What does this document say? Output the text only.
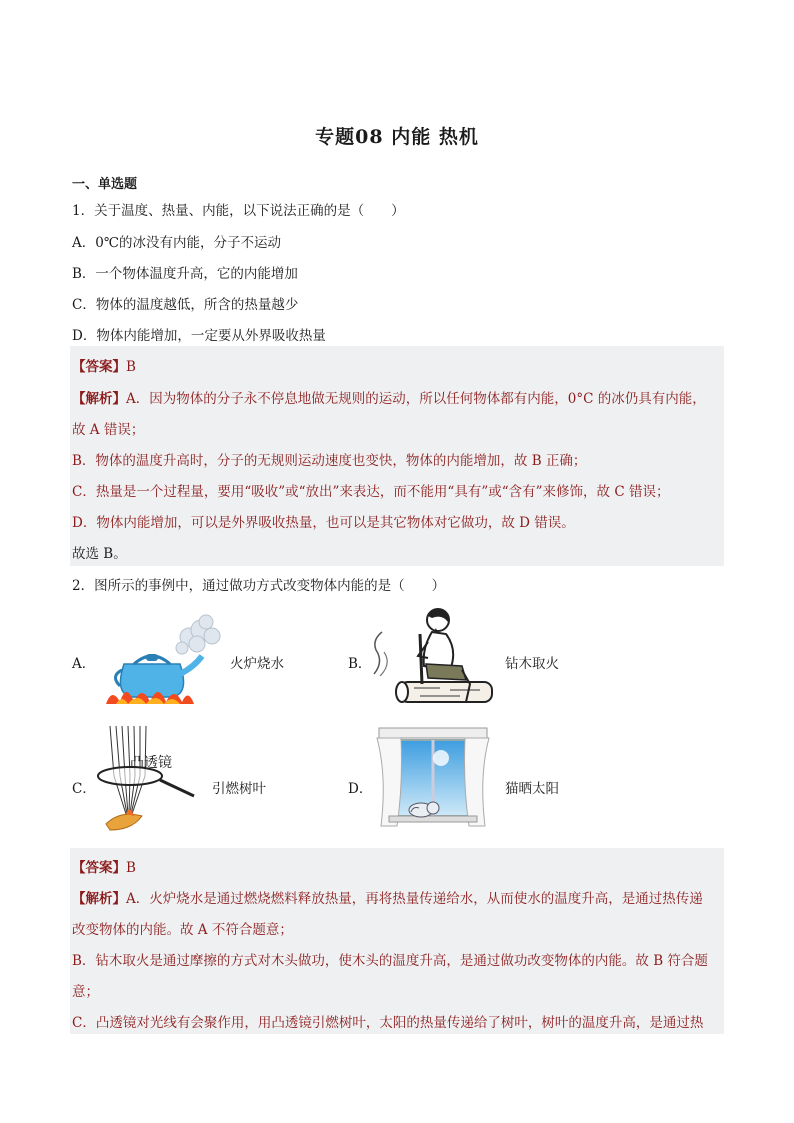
专题08 内能 热机
一、单选题
1．关于温度、热量、内能，以下说法正确的是（　　）
A．0℃的冰没有内能，分子不运动
B．一个物体温度升高，它的内能增加
C．物体的温度越低，所含的热量越少
D．物体内能增加，一定要从外界吸收热量
【答案】B
【解析】A．因为物体的分子永不停息地做无规则的运动，所以任何物体都有内能，0°C 的冰仍具有内能，
故 A 错误；
B．物体的温度升高时，分子的无规则运动速度也变快，物体的内能增加，故 B 正确；
C．热量是一个过程量，要用“吸收”或“放出”来表达，而不能用“具有”或“含有”来修饰，故 C 错误；
D．物体内能增加，可以是外界吸收热量，也可以是其它物体对它做功，故 D 错误。
故选 B。
2．图所示的事例中，通过做功方式改变物体内能的是（　　）
A．	火炉烧水	B．	钻木取火
C．
凸透镜
引燃树叶	D．	猫晒太阳
【答案】B
【解析】A．火炉烧水是通过燃烧燃料释放热量，再将热量传递给水，从而使水的温度升高，是通过热传递
改变物体的内能。故 A 不符合题意；
B．钻木取火是通过摩擦的方式对木头做功，使木头的温度升高，是通过做功改变物体的内能。故 B 符合题
意；
C．凸透镜对光线有会聚作用，用凸透镜引燃树叶，太阳的热量传递给了树叶，树叶的温度升高，是通过热
